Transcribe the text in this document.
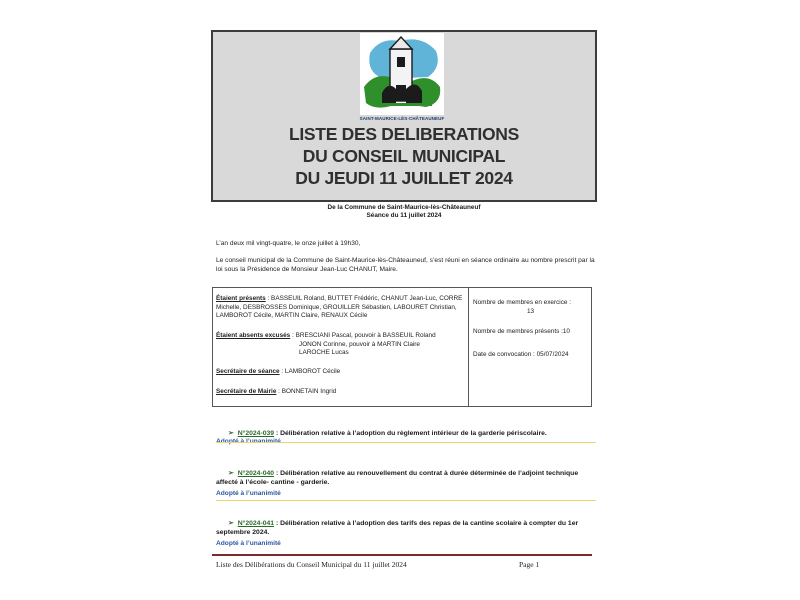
SAINT-MAURICE-LÈS-CHÂTEAUNEUF
LISTE DES DELIBERATIONS
DU CONSEIL MUNICIPAL
DU JEUDI 11 JUILLET 2024
De la Commune de Saint-Maurice-lès-Châteauneuf
Séance du 11 juillet 2024
L’an deux mil vingt-quatre, le onze juillet à 19h30,
Le conseil municipal de la Commune de Saint-Maurice-lès-Châteauneuf, s’est réuni en séance ordinaire au nombre prescrit par la loi sous la Présidence de Monsieur Jean-Luc CHANUT, Maire.
Étaient présents : BASSEUIL Roland, BUTTET Frédéric, CHANUT Jean-Luc, CORRE Michelle, DESBROSSES Dominique, GROUILLER Sébastien, LABOURET Christian, LAMBOROT Cécile, MARTIN Claire, RENAUX Cécile
Étaient absents excusés : BRESCIANI Pascal, pouvoir à BASSEUIL Roland
JONON Corinne, pouvoir à MARTIN Claire
LAROCHE Lucas
Secrétaire de séance : LAMBOROT Cécile
Secrétaire de Mairie : BONNETAIN Ingrid
Nombre de membres en exercice :
13
Nombre de membres présents :10
Date de convocation : 05/07/2024
➢ N°2024-039 : Délibération relative à l’adoption du règlement intérieur de la garderie périscolaire.
➢ N°2024-040 : Délibération relative au renouvellement du contrat à durée déterminée de l’adjoint technique affecté à l’école- cantine - garderie.
Adopté à l’unanimité
➢ N°2024-041 : Délibération relative à l’adoption des tarifs des repas de la cantine scolaire à compter du 1er septembre 2024.
Adopté à l’unanimité
Liste des Délibérations du Conseil Municipal du 11 juillet 2024	Page 1
